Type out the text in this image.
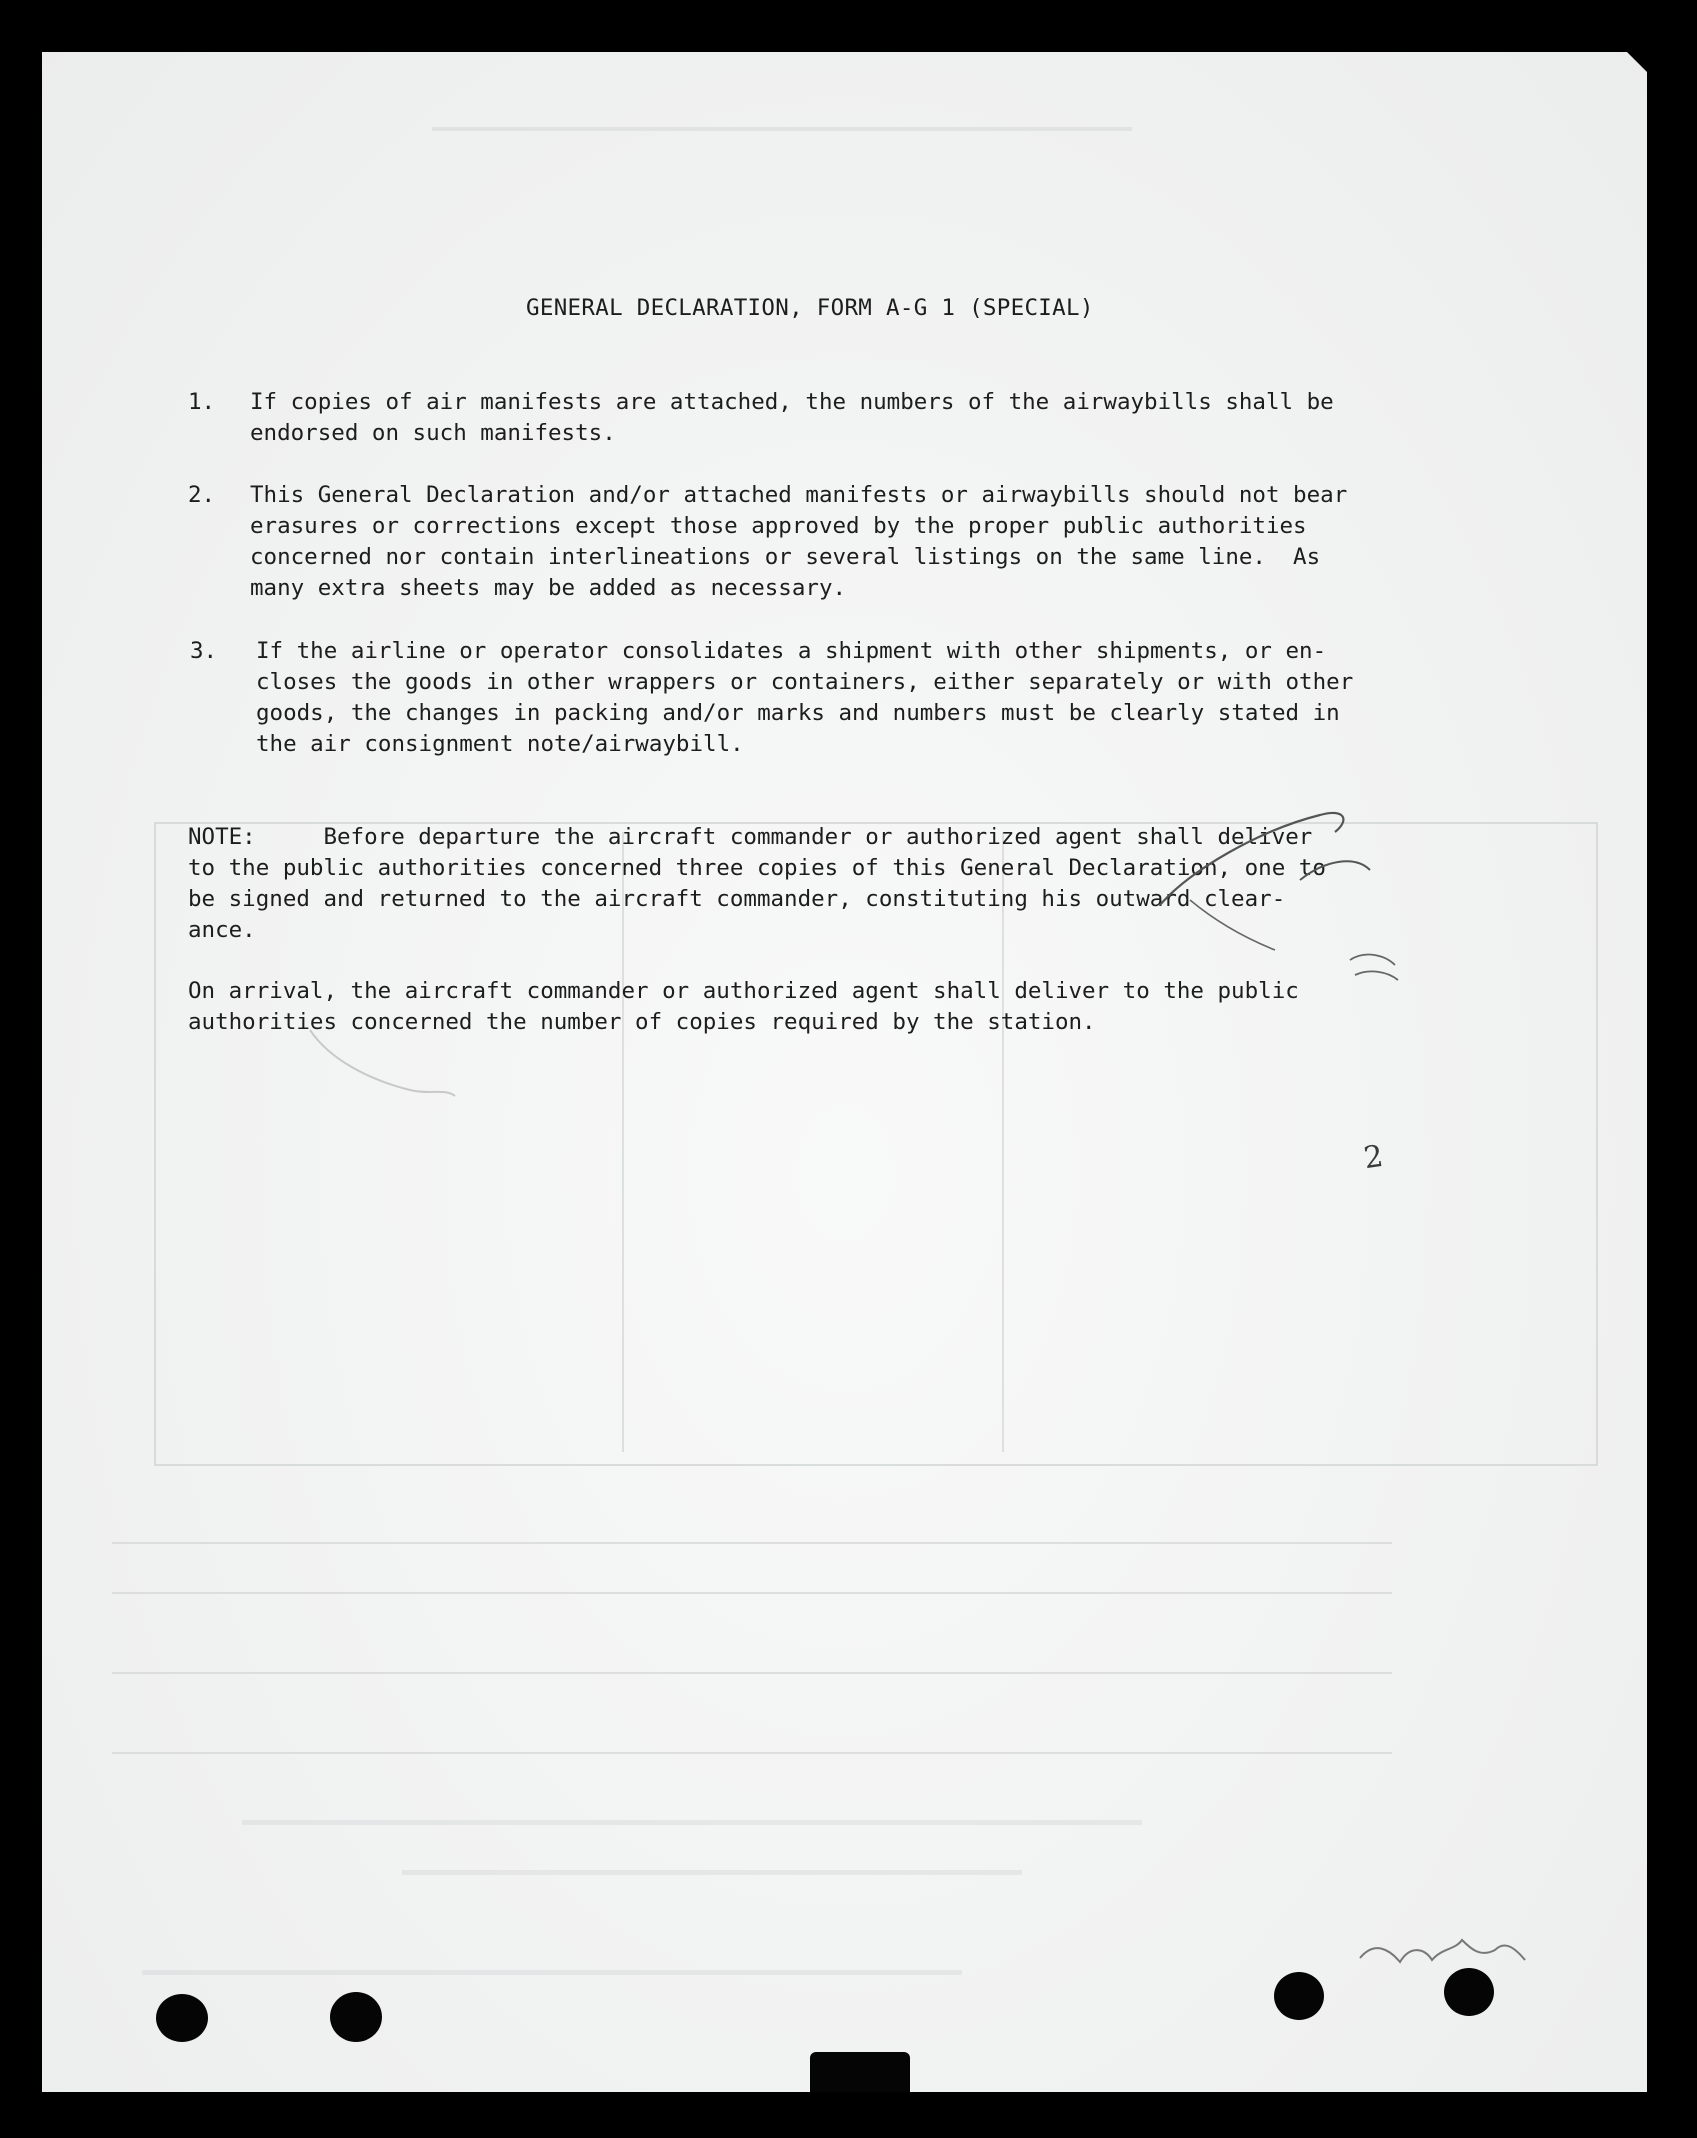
GENERAL DECLARATION, FORM A-G 1 (SPECIAL)
1. If copies of air manifests are attached, the numbers of the airwaybills shall be
endorsed on such manifests.
2. This General Declaration and/or attached manifests or airwaybills should not bear
erasures or corrections except those approved by the proper public authorities
concerned nor contain interlineations or several listings on the same line.  As
many extra sheets may be added as necessary.
3. If the airline or operator consolidates a shipment with other shipments, or en-
closes the goods in other wrappers or containers, either separately or with other
goods, the changes in packing and/or marks and numbers must be clearly stated in
the air consignment note/airwaybill.
NOTE:     Before departure the aircraft commander or authorized agent shall deliver
to the public authorities concerned three copies of this General Declaration, one to
be signed and returned to the aircraft commander, constituting his outward clear-
ance.
On arrival, the aircraft commander or authorized agent shall deliver to the public
authorities concerned the number of copies required by the station.
2
